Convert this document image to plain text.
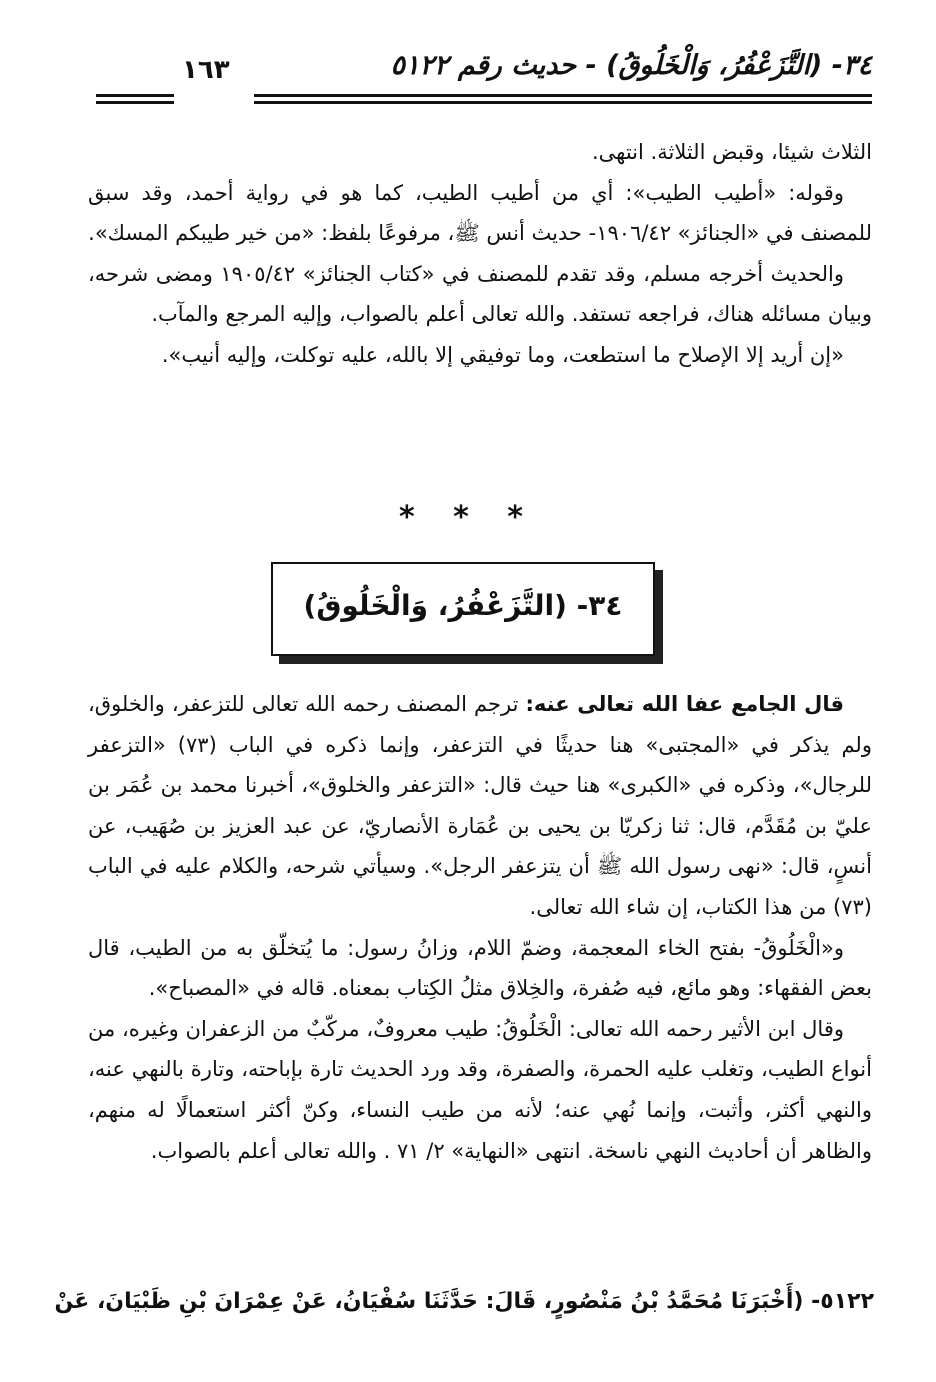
٣٤- (التَّزَعْفُرُ، وَالْخَلُوقُ) - حديث رقم ٥١٢٢
١٦٣

الثلاث شيئا، وقبض الثلاثة. انتهى.

وقوله: «أطيب الطيب»: أي من أطيب الطيب، كما هو في رواية أحمد، وقد سبق للمصنف في «الجنائز» ١٩٠٦/٤٢- حديث أنس ﷺ، مرفوعًا بلفظ: «من خير طيبكم المسك».

والحديث أخرجه مسلم، وقد تقدم للمصنف في «كتاب الجنائز» ١٩٠٥/٤٢ ومضى شرحه، وبيان مسائله هناك، فراجعه تستفد. والله تعالى أعلم بالصواب، وإليه المرجع والمآب.

«إن أريد إلا الإصلاح ما استطعت، وما توفيقي إلا بالله، عليه توكلت، وإليه أنيب».

* * *
٣٤- (التَّزَعْفُرُ، وَالْخَلُوقُ)

قال الجامع عفا الله تعالى عنه: ترجم المصنف رحمه الله تعالى للتزعفر، والخلوق، ولم يذكر في «المجتبى» هنا حديثًا في التزعفر، وإنما ذكره في الباب (٧٣) «التزعفر للرجال»، وذكره في «الكبرى» هنا حيث قال: «التزعفر والخلوق»، أخبرنا محمد بن عُمَر بن عليّ بن مُقَدَّم، قال: ثنا زكريّا بن يحيى بن عُمَارة الأنصاريّ، عن عبد العزيز بن صُهَيب، عن أنسٍ، قال: «نهى رسول الله ﷺ أن يتزعفر الرجل». وسيأتي شرحه، والكلام عليه في الباب (٧٣) من هذا الكتاب، إن شاء الله تعالى.

و«الْخَلُوقُ- بفتح الخاء المعجمة، وضمّ اللام، وزانُ رسول: ما يُتخلّق به من الطيب، قال بعض الفقهاء: وهو مائع، فيه صُفرة، والخِلاق مثلُ الكِتاب بمعناه. قاله في «المصباح».

وقال ابن الأثير رحمه الله تعالى: الْخَلُوقُ: طيب معروفٌ، مركّبٌ من الزعفران وغيره، من أنواع الطيب، وتغلب عليه الحمرة، والصفرة، وقد ورد الحديث تارة بإباحته، وتارة بالنهي عنه، والنهي أكثر، وأثبت، وإنما نُهي عنه؛ لأنه من طيب النساء، وكنّ أكثر استعمالًا له منهم، والظاهر أن أحاديث النهي ناسخة. انتهى «النهاية» ٢/ ٧١ . والله تعالى أعلم بالصواب.

٥١٢٢- (أَخْبَرَنَا مُحَمَّدُ بْنُ مَنْصُورٍ، قَالَ: حَدَّثَنَا سُفْيَانُ، عَنْ عِمْرَانَ بْنِ ظَبْيَانَ، عَنْ
